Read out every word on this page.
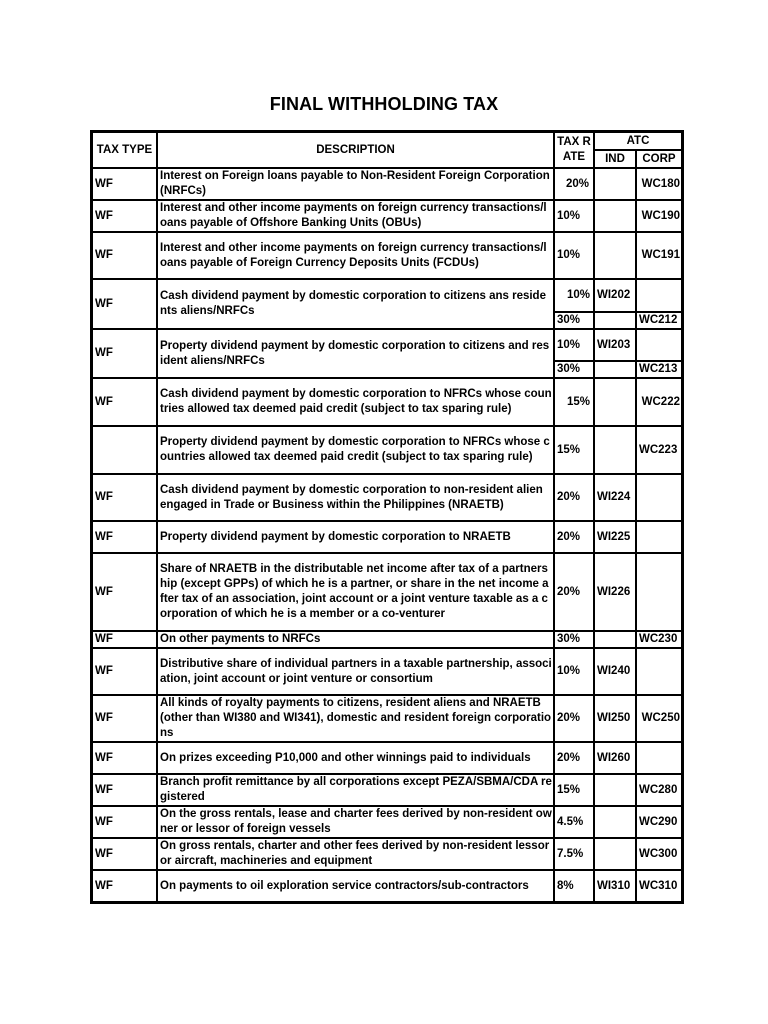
FINAL WITHHOLDING TAX
TAX TYPE	DESCRIPTION	TAX RATE	ATC	
			IND	CORP
WF	Interest on Foreign loans payable to Non-Resident Foreign Corporation (NRFCs)	20%		WC180
WF	Interest and other income payments on foreign currency transactions/loans payable of Offshore Banking Units (OBUs)	10%		WC190
WF	Interest and other income payments on foreign currency transactions/loans payable of Foreign Currency Deposits Units (FCDUs)	10%		WC191
WF	Cash dividend payment by domestic corporation to citizens ans residents aliens/NRFCs	10%	WI202	
		30%		WC212
WF	Property dividend payment by domestic corporation to citizens and resident aliens/NRFCs	10%	WI203	
		30%		WC213
WF	Cash dividend payment by domestic corporation to NFRCs whose countries allowed tax deemed paid credit (subject to tax sparing rule)	15%		WC222
	Property dividend payment by domestic corporation to NFRCs whose countries allowed tax deemed paid credit (subject to tax sparing rule)	15%		WC223
WF	Cash dividend payment by domestic corporation to non-resident alien engaged in Trade or Business within the Philippines (NRAETB)	20%	WI224	
WF	Property dividend payment by domestic corporation to NRAETB	20%	WI225	
WF	Share of NRAETB in the distributable net income after tax of a partnership (except GPPs) of which he is a partner, or share in the net income after tax of an association, joint account or a joint venture taxable as a corporation of which he is a member or a co-venturer	20%	WI226	
WF	On other payments to NRFCs	30%		WC230
WF	Distributive share of individual partners in a taxable partnership, association, joint account or joint venture or consortium	10%	WI240	
WF	All kinds of royalty payments to citizens, resident aliens and NRAETB (other than WI380 and WI341), domestic and resident foreign corporations	20%	WI250	WC250
WF	On prizes exceeding P10,000 and other winnings paid to individuals	20%	WI260	
WF	Branch profit remittance by all corporations except PEZA/SBMA/CDA registered	15%		WC280
WF	On the gross rentals, lease and charter fees derived by non-resident owner or lessor of foreign vessels	4.5%		WC290
WF	On gross rentals, charter and other fees derived by non-resident lessor or aircraft, machineries and equipment	7.5%		WC300
WF	On payments to oil exploration service contractors/sub-contractors	8%	WI310	WC310
